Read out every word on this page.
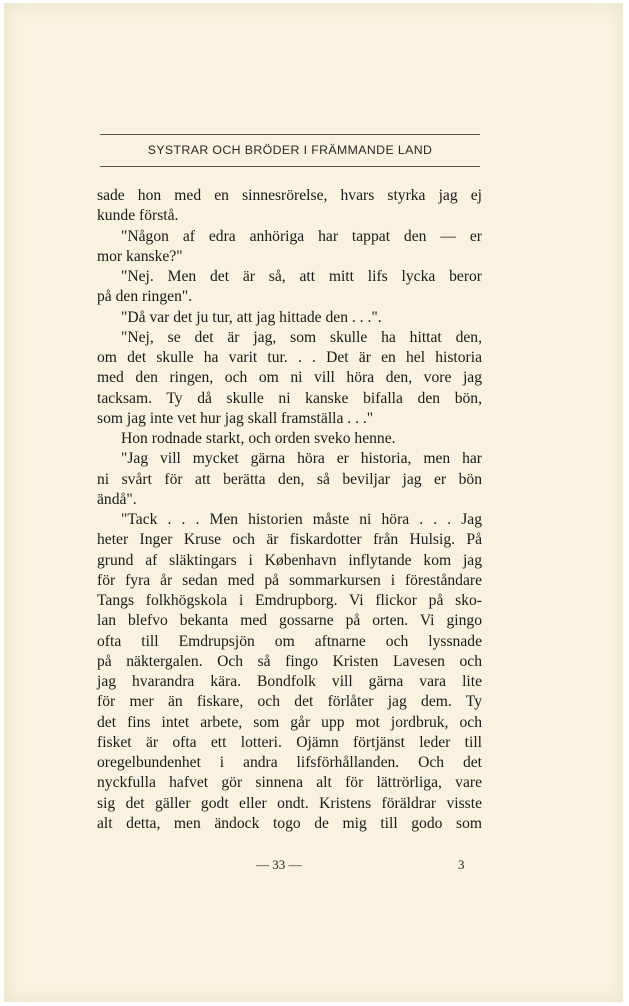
SYSTRAR OCH BRÖDER I FRÄMMANDE LAND
sade hon med en sinnesrörelse, hvars styrka jag ej
kunde förstå.
"Någon af edra anhöriga har tappat den — er
mor kanske?"
"Nej. Men det är så, att mitt lifs lycka beror
på den ringen".
"Då var det ju tur, att jag hittade den . . .".
"Nej, se det är jag, som skulle ha hittat den,
om det skulle ha varit tur. . . Det är en hel historia
med den ringen, och om ni vill höra den, vore jag
tacksam. Ty då skulle ni kanske bifalla den bön,
som jag inte vet hur jag skall framställa . . ."
Hon rodnade starkt, och orden sveko henne.
"Jag vill mycket gärna höra er historia, men har
ni svårt för att berätta den, så beviljar jag er bön
ändå".
"Tack . . . Men historien måste ni höra . . . Jag
heter Inger Kruse och är fiskardotter från Hulsig. På
grund af släktingars i København inflytande kom jag
för fyra år sedan med på sommarkursen i föreståndare
Tangs folkhögskola i Emdrupborg. Vi flickor på sko-
lan blefvo bekanta med gossarne på orten. Vi gingo
ofta till Emdrupsjön om aftnarne och lyssnade
på näktergalen. Och så fingo Kristen Lavesen och
jag hvarandra kära. Bondfolk vill gärna vara lite
för mer än fiskare, och det förlåter jag dem. Ty
det fins intet arbete, som går upp mot jordbruk, och
fisket är ofta ett lotteri. Ojämn förtjänst leder till
oregelbundenhet i andra lifsförhållanden. Och det
nyckfulla hafvet gör sinnena alt för lättrörliga, vare
sig det gäller godt eller ondt. Kristens föräldrar visste
alt detta, men ändock togo de mig till godo som
— 33 —	3
